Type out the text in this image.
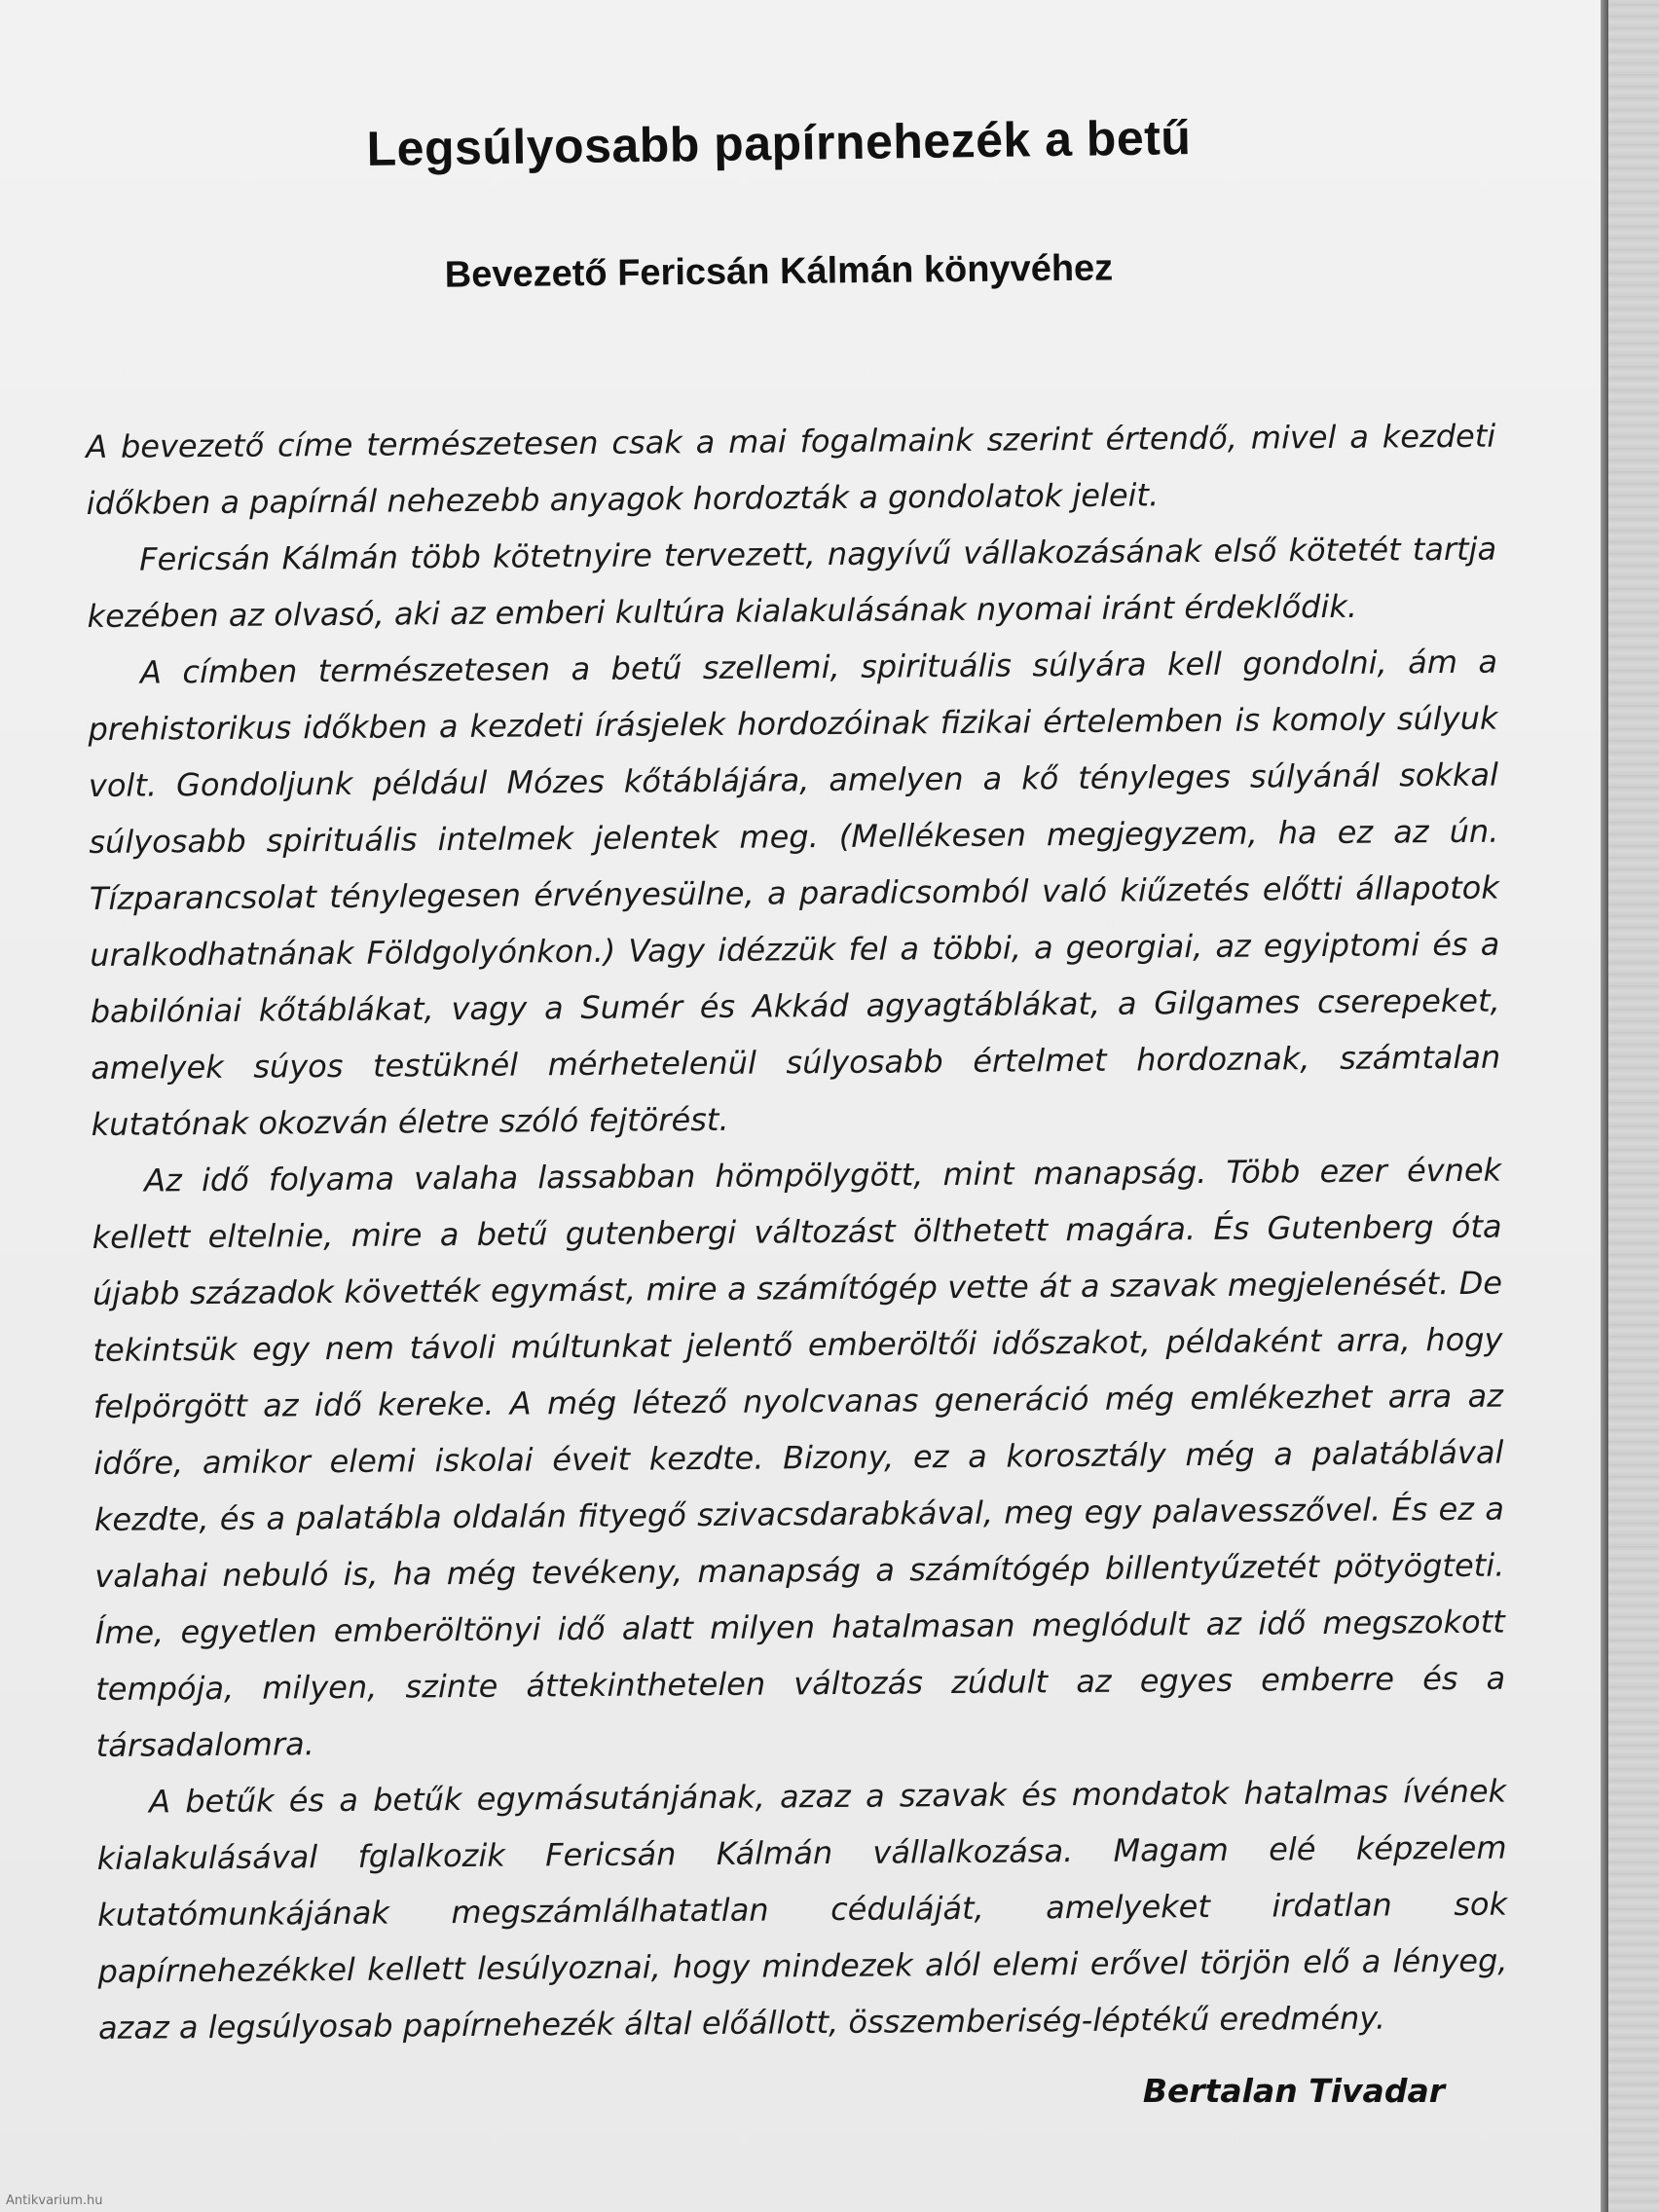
Legsúlyosabb papírnehezék a betű
Bevezető Fericsán Kálmán könyvéhez

A bevezető címe természetesen csak a mai fogalmaink szerint értendő, mivel a kezdeti időkben a papírnál nehezebb anyagok hordozták a gondolatok jeleit.

Fericsán Kálmán több kötetnyire tervezett, nagyívű vállakozásának első kötetét tartja kezében az olvasó, aki az emberi kultúra kialakulásának nyomai iránt érdeklődik.

A címben természetesen a betű szellemi, spirituális súlyára kell gondolni, ám a prehistorikus időkben a kezdeti írásjelek hordozóinak fizikai értelemben is komoly súlyuk volt. Gondoljunk például Mózes kőtáblájára, amelyen a kő tényleges súlyánál sokkal súlyosabb spirituális intelmek jelentek meg. (Mellékesen megjegyzem, ha ez az ún. Tízparancsolat ténylegesen érvényesülne, a paradicsomból való kiűzetés előtti állapotok uralkodhatnának Földgolyónkon.) Vagy idézzük fel a többi, a georgiai, az egyiptomi és a babilóniai kőtáblákat, vagy a Sumér és Akkád agyagtáblákat, a Gilgames cserepeket, amelyek súyos testüknél mérhetelenül súlyosabb értelmet hordoznak, számtalan kutatónak okozván életre szóló fejtörést.

Az idő folyama valaha lassabban hömpölygött, mint manapság. Több ezer évnek kellett eltelnie, mire a betű gutenbergi változást ölthetett magára. És Gutenberg óta újabb századok követték egymást, mire a számítógép vette át a szavak megjelenését. De tekintsük egy nem távoli múltunkat jelentő emberöltői időszakot, példaként arra, hogy felpörgött az idő kereke. A még létező nyolcvanas generáció még emlékezhet arra az időre, amikor elemi iskolai éveit kezdte. Bizony, ez a korosztály még a palatáblával kezdte, és a palatábla oldalán fityegő szivacsdarabkával, meg egy palavesszővel. És ez a valahai nebuló is, ha még tevékeny, manapság a számítógép billentyűzetét pötyögteti. Íme, egyetlen emberöltönyi idő alatt milyen hatalmasan meglódult az idő megszokott tempója, milyen, szinte áttekinthetelen változás zúdult az egyes emberre és a társadalomra.

A betűk és a betűk egymásutánjának, azaz a szavak és mondatok hatalmas ívének kialakulásával fglalkozik Fericsán Kálmán vállalkozása. Magam elé képzelem kutatómunkájának megszámlálhatatlan céduláját, amelyeket irdatlan sok papírnehezékkel kellett lesúlyoznai, hogy mindezek alól elemi erővel törjön elő a lényeg, azaz a legsúlyosab papírnehezék által előállott, összemberiség-léptékű eredmény.

Bertalan Tivadar

Antikvarium.hu
